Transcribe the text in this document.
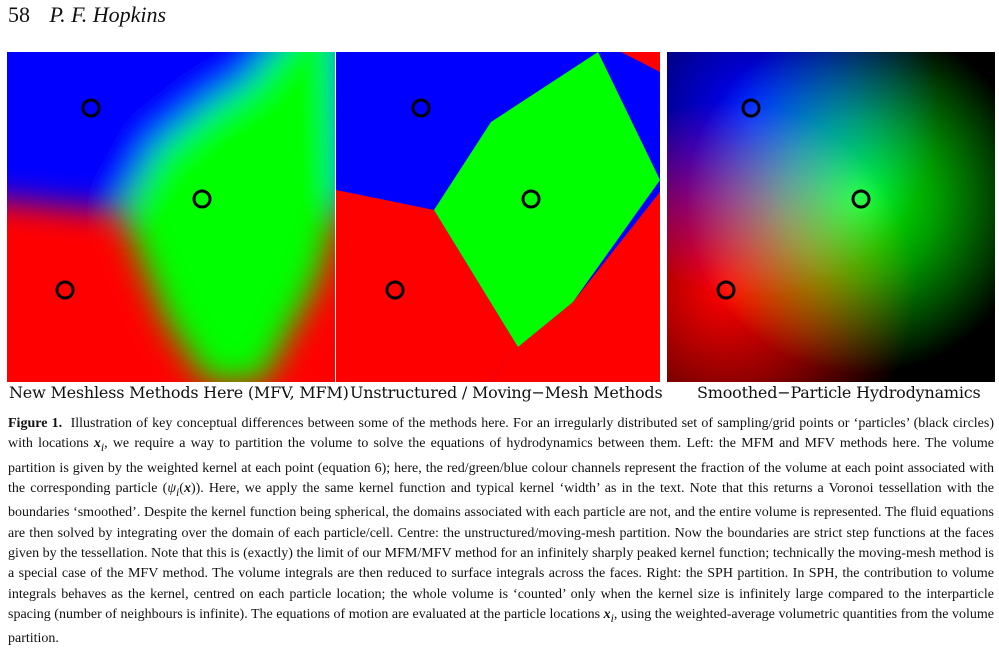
58 P. F. Hopkins
New Meshless Methods Here (MFV, MFM) Unstructured / Moving−Mesh Methods Smoothed−Particle Hydrodynamics
Figure 1. Illustration of key conceptual differences between some of the methods here. For an irregularly distributed set of sampling/grid points or ‘particles’ (black circles) with locations $x_i$, we require a way to partition the volume to solve the equations of hydrodynamics between them. Left: the MFM and MFV methods here. The volume partition is given by the weighted kernel at each point (equation 6); here, the red/green/blue colour channels represent the fraction of the volume at each point associated with the corresponding particle $(\psi_i(x))$. Here, we apply the same kernel function and typical kernel ‘width’ as in the text. Note that this returns a Voronoi tessellation with the boundaries ‘smoothed’. Despite the kernel function being spherical, the domains associated with each particle are not, and the entire volume is represented. The fluid equations are then solved by integrating over the domain of each particle/cell. Centre: the unstructured/moving-mesh partition. Now the boundaries are strict step functions at the faces given by the tessellation. Note that this is (exactly) the limit of our MFM/MFV method for an infinitely sharply peaked kernel function; technically the moving-mesh method is a special case of the MFV method. The volume integrals are then reduced to surface integrals across the faces. Right: the SPH partition. In SPH, the contribution to volume integrals behaves as the kernel, centred on each particle location; the whole volume is ‘counted’ only when the kernel size is infinitely large compared to the interparticle spacing (number of neighbours is infinite). The equations of motion are evaluated at the particle locations $x_i$, using the weighted-average volumetric quantities from the volume partition.
